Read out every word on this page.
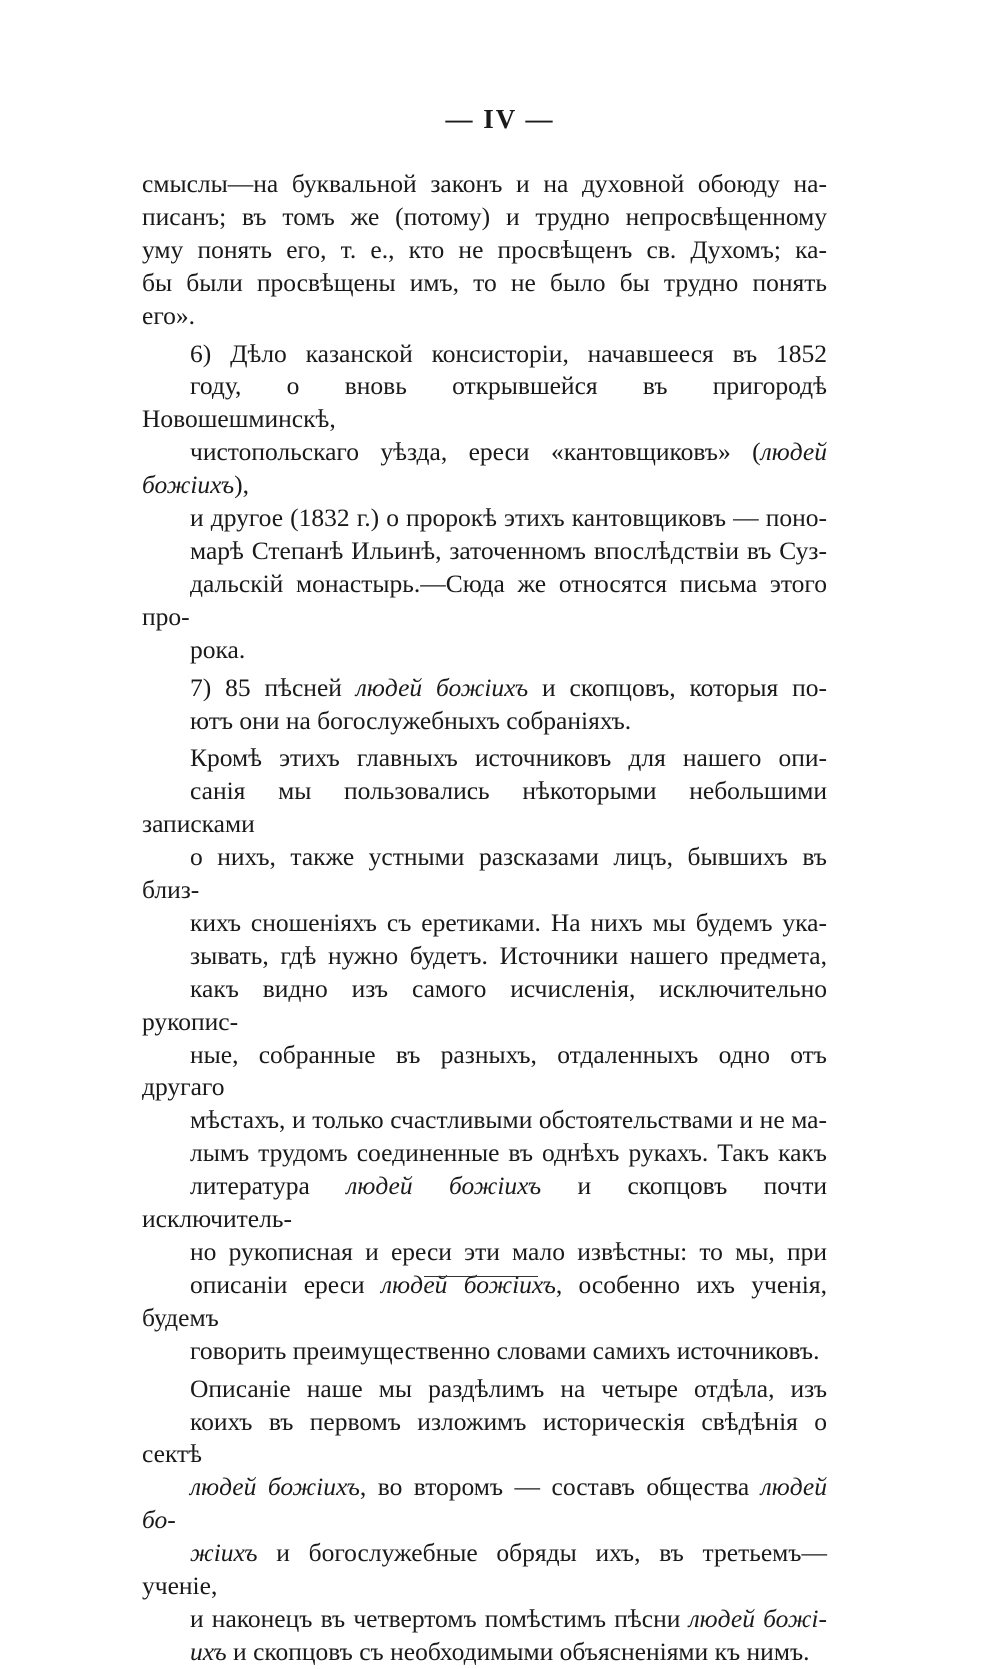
— IV —

смыслы—на буквальной законъ и на духовной обоюду на-
писанъ; въ томъ же (потому) и трудно непросвѣщенному
уму понять его, т. е., кто не просвѣщенъ св. Духомъ; ка-
бы были просвѣщены имъ, то не было бы трудно понять
его».

6) Дѣло казанской консисторіи, начавшееся въ 1852
году, о вновь открывшейся въ пригородѣ Новошешминскѣ,
чистопольскаго уѣзда, ереси «кантовщиковъ» (людей божіихъ),
и другое (1832 г.) о пророкѣ этихъ кантовщиковъ — поно-
марѣ Степанѣ Ильинѣ, заточенномъ впослѣдствіи въ Суз-
дальскій монастырь.—Сюда же относятся письма этого про-
рока.

7) 85 пѣсней людей божіихъ и скопцовъ, которыя по-
ютъ они на богослужебныхъ собраніяхъ.

Кромѣ этихъ главныхъ источниковъ для нашего опи-
санія мы пользовались нѣкоторыми небольшими записками
о нихъ, также устными разсказами лицъ, бывшихъ въ близ-
кихъ сношеніяхъ съ еретиками. На нихъ мы будемъ ука-
зывать, гдѣ нужно будетъ. Источники нашего предмета,
какъ видно изъ самого исчисленія, исключительно рукопис-
ные, собранные въ разныхъ, отдаленныхъ одно отъ другаго
мѣстахъ, и только счастливыми обстоятельствами и не ма-
лымъ трудомъ соединенные въ однѣхъ рукахъ. Такъ какъ
литература людей божіихъ и скопцовъ почти исключитель-
но рукописная и ереси эти мало извѣстны: то мы, при
описаніи ереси людей божіихъ, особенно ихъ ученія, будемъ
говорить преимущественно словами самихъ источниковъ.

Описаніе наше мы раздѣлимъ на четыре отдѣла, изъ
коихъ въ первомъ изложимъ историческія свѣдѣнія о сектѣ
людей божіихъ, во второмъ — составъ общества людей бо-
жіихъ и богослужебные обряды ихъ, въ третьемъ—ученіе,
и наконецъ въ четвертомъ помѣстимъ пѣсни людей божі-
ихъ и скопцовъ съ необходимыми объясненіями къ нимъ.
